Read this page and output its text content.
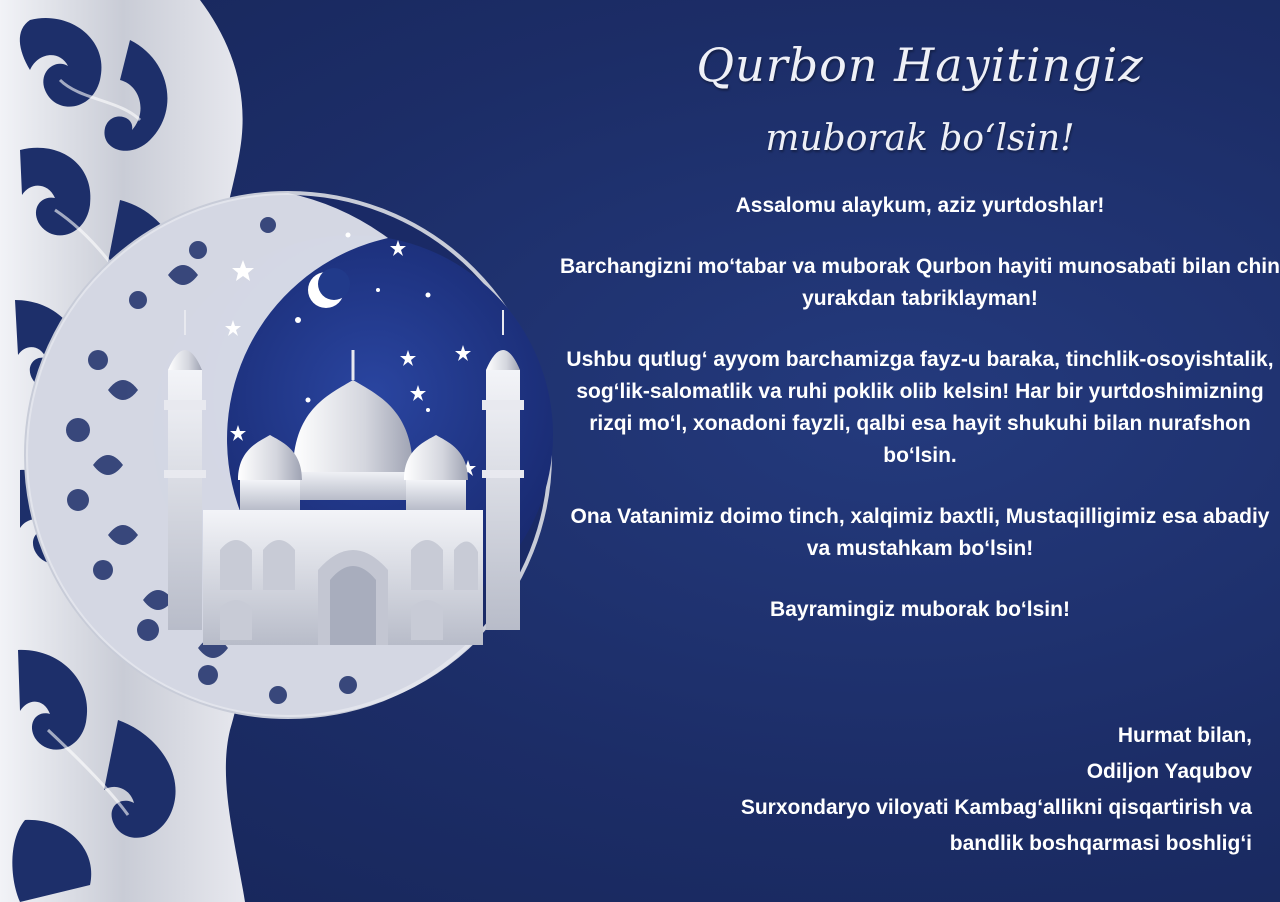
Qurbon Hayitingiz
muborak bo‘lsin!

Assalomu alaykum, aziz yurtdoshlar!

Barchangizni mo‘tabar va muborak Qurbon hayiti munosabati bilan chin yurakdan tabriklayman!

Ushbu qutlug‘ ayyom barchamizga fayz-u baraka, tinchlik-osoyishtalik, sog‘lik-salomatlik va ruhi poklik olib kelsin! Har bir yurtdoshimizning rizqi mo‘l, xonadoni fayzli, qalbi esa hayit shukuhi bilan nurafshon bo‘lsin.

Ona Vatanimiz doimo tinch, xalqimiz baxtli, Mustaqilligimiz esa abadiy va mustahkam bo‘lsin!

Bayramingiz muborak bo‘lsin!

Hurmat bilan,
Odiljon Yaqubov
Surxondaryo viloyati Kambag‘allikni qisqartirish va
bandlik boshqarmasi boshlig‘i
